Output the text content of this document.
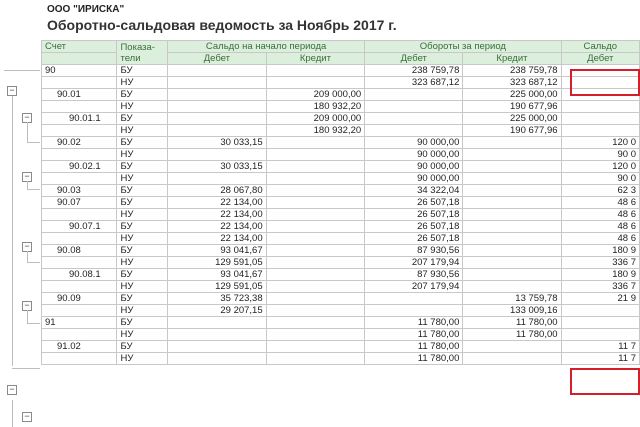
ООО "ИРИСКА"
Оборотно-сальдовая ведомость за Ноябрь 2017 г.
−
−
−
−
−
−
−
Счет	Показа-
тели	Сальдо на начало периода		Обороты за период		Сальдо
		Дебет	Кредит	Дебет	Кредит	Дебет
90	БУ			238 759,78	238 759,78	
	НУ			323 687,12	323 687,12	
90.01	БУ		209 000,00		225 000,00	
	НУ		180 932,20		190 677,96	
90.01.1	БУ		209 000,00		225 000,00	
	НУ		180 932,20		190 677,96	
90.02	БУ	30 033,15		90 000,00		120 0
	НУ			90 000,00		90 0
90.02.1	БУ	30 033,15		90 000,00		120 0
	НУ			90 000,00		90 0
90.03	БУ	28 067,80		34 322,04		62 3
90.07	БУ	22 134,00		26 507,18		48 6
	НУ	22 134,00		26 507,18		48 6
90.07.1	БУ	22 134,00		26 507,18		48 6
	НУ	22 134,00		26 507,18		48 6
90.08	БУ	93 041,67		87 930,56		180 9
	НУ	129 591,05		207 179,94		336 7
90.08.1	БУ	93 041,67		87 930,56		180 9
	НУ	129 591,05		207 179,94		336 7
90.09	БУ	35 723,38			13 759,78	21 9
	НУ	29 207,15			133 009,16	
91	БУ			11 780,00	11 780,00	
	НУ			11 780,00	11 780,00	
91.02	БУ			11 780,00		11 7
	НУ			11 780,00		11 7
